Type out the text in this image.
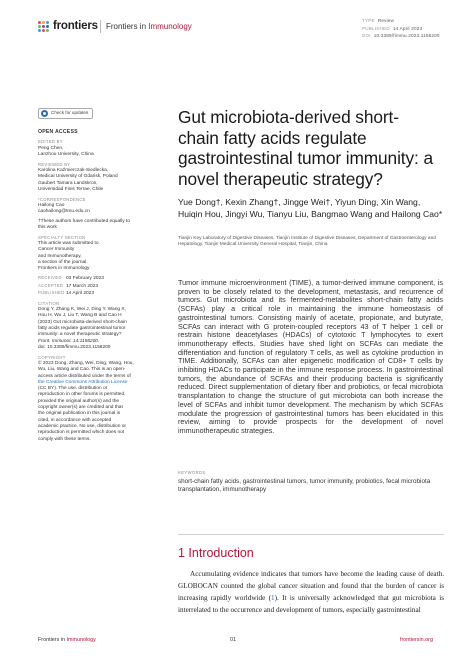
frontiers Frontiers in Immunology
TYPE Review
PUBLISHED 14 April 2023
DOI 10.3389/fimmu.2023.1158200
Check for updates
OPEN ACCESS
EDITED BY
Peng Chen,
Lanzhou University, China
REVIEWED BY
Karolina Kaźmierczak-Siedlecka,
Medical University of Gdańsk, Poland
Gaubert Tamara Landskron,
Universidad Finis Terrae, Chile
*CORRESPONDENCE
Hailong Cao
caohailong@tmu.edu.cn
†These authors have contributed equally to
this work
SPECIALTY SECTION
This article was submitted to
Cancer Immunity
and Immunotherapy,
a section of the journal
Frontiers in Immunology
RECEIVED 03 February 2023
ACCEPTED 17 March 2023
PUBLISHED 14 April 2023
CITATION
Dong Y, Zhang K, Wei J, Ding Y, Wang X,
Hou H, Wu J, Liu T, Wang B and Cao H
(2023) Gut microbiota-derived short-chain
fatty acids regulate gastrointestinal tumor
immunity: a novel therapeutic strategy?
Front. Immunol. 14:1158200.
doi: 10.3389/fimmu.2023.1158200
COPYRIGHT
© 2023 Dong, Zhang, Wei, Ding, Wang, Hou,
Wu, Liu, Wang and Cao. This is an open-
access article distributed under the terms of
the Creative Commons Attribution License
(CC BY). The use, distribution or
reproduction in other forums is permitted,
provided the original author(s) and the
copyright owner(s) are credited and that
the original publication in this journal is
cited, in accordance with accepted
academic practice. No use, distribution or
reproduction is permitted which does not
comply with these terms.
Gut microbiota-derived short-chain fatty acids regulate gastrointestinal tumor immunity: a novel therapeutic strategy?
Yue Dong†, Kexin Zhang†, Jingge Wei†, Yiyun Ding, Xin Wang, Huiqin Hou, Jingyi Wu, Tianyu Liu, Bangmao Wang and Hailong Cao*
Tianjin Key Laboratory of Digestive Diseases, Tianjin Institute of Digestive Diseases, Department of Gastroenterology and Hepatology, Tianjin Medical University General Hospital, Tianjin, China
Tumor immune microenvironment (TIME), a tumor-derived immune component, is proven to be closely related to the development, metastasis, and recurrence of tumors. Gut microbiota and its fermented-metabolites short-chain fatty acids (SCFAs) play a critical role in maintaining the immune homeostasis of gastrointestinal tumors. Consisting mainly of acetate, propionate, and butyrate, SCFAs can interact with G protein-coupled receptors 43 of T helper 1 cell or restrain histone deacetylases (HDACs) of cytotoxic T lymphocytes to exert immunotherapy effects. Studies have shed light on SCFAs can mediate the differentiation and function of regulatory T cells, as well as cytokine production in TIME. Additionally, SCFAs can alter epigenetic modification of CD8+ T cells by inhibiting HDACs to participate in the immune response process. In gastrointestinal tumors, the abundance of SCFAs and their producing bacteria is significantly reduced. Direct supplementation of dietary fiber and probiotics, or fecal microbiota transplantation to change the structure of gut microbiota can both increase the level of SCFAs and inhibit tumor development. The mechanism by which SCFAs modulate the progression of gastrointestinal tumors has been elucidated in this review, aiming to provide prospects for the development of novel immunotherapeutic strategies.
KEYWORDS
short-chain fatty acids, gastrointestinal tumors, tumor immunity, probiotics, fecal microbiota transplantation, immunotherapy
1 Introduction
Accumulating evidence indicates that tumors have become the leading cause of death. GLOBOCAN counted the global cancer situation and found that the burden of cancer is increasing rapidly worldwide (1). It is universally acknowledged that gut microbiota is interrelated to the occurrence and development of tumors, especially gastrointestinal
Frontiers in Immunology	01	frontiersin.org
